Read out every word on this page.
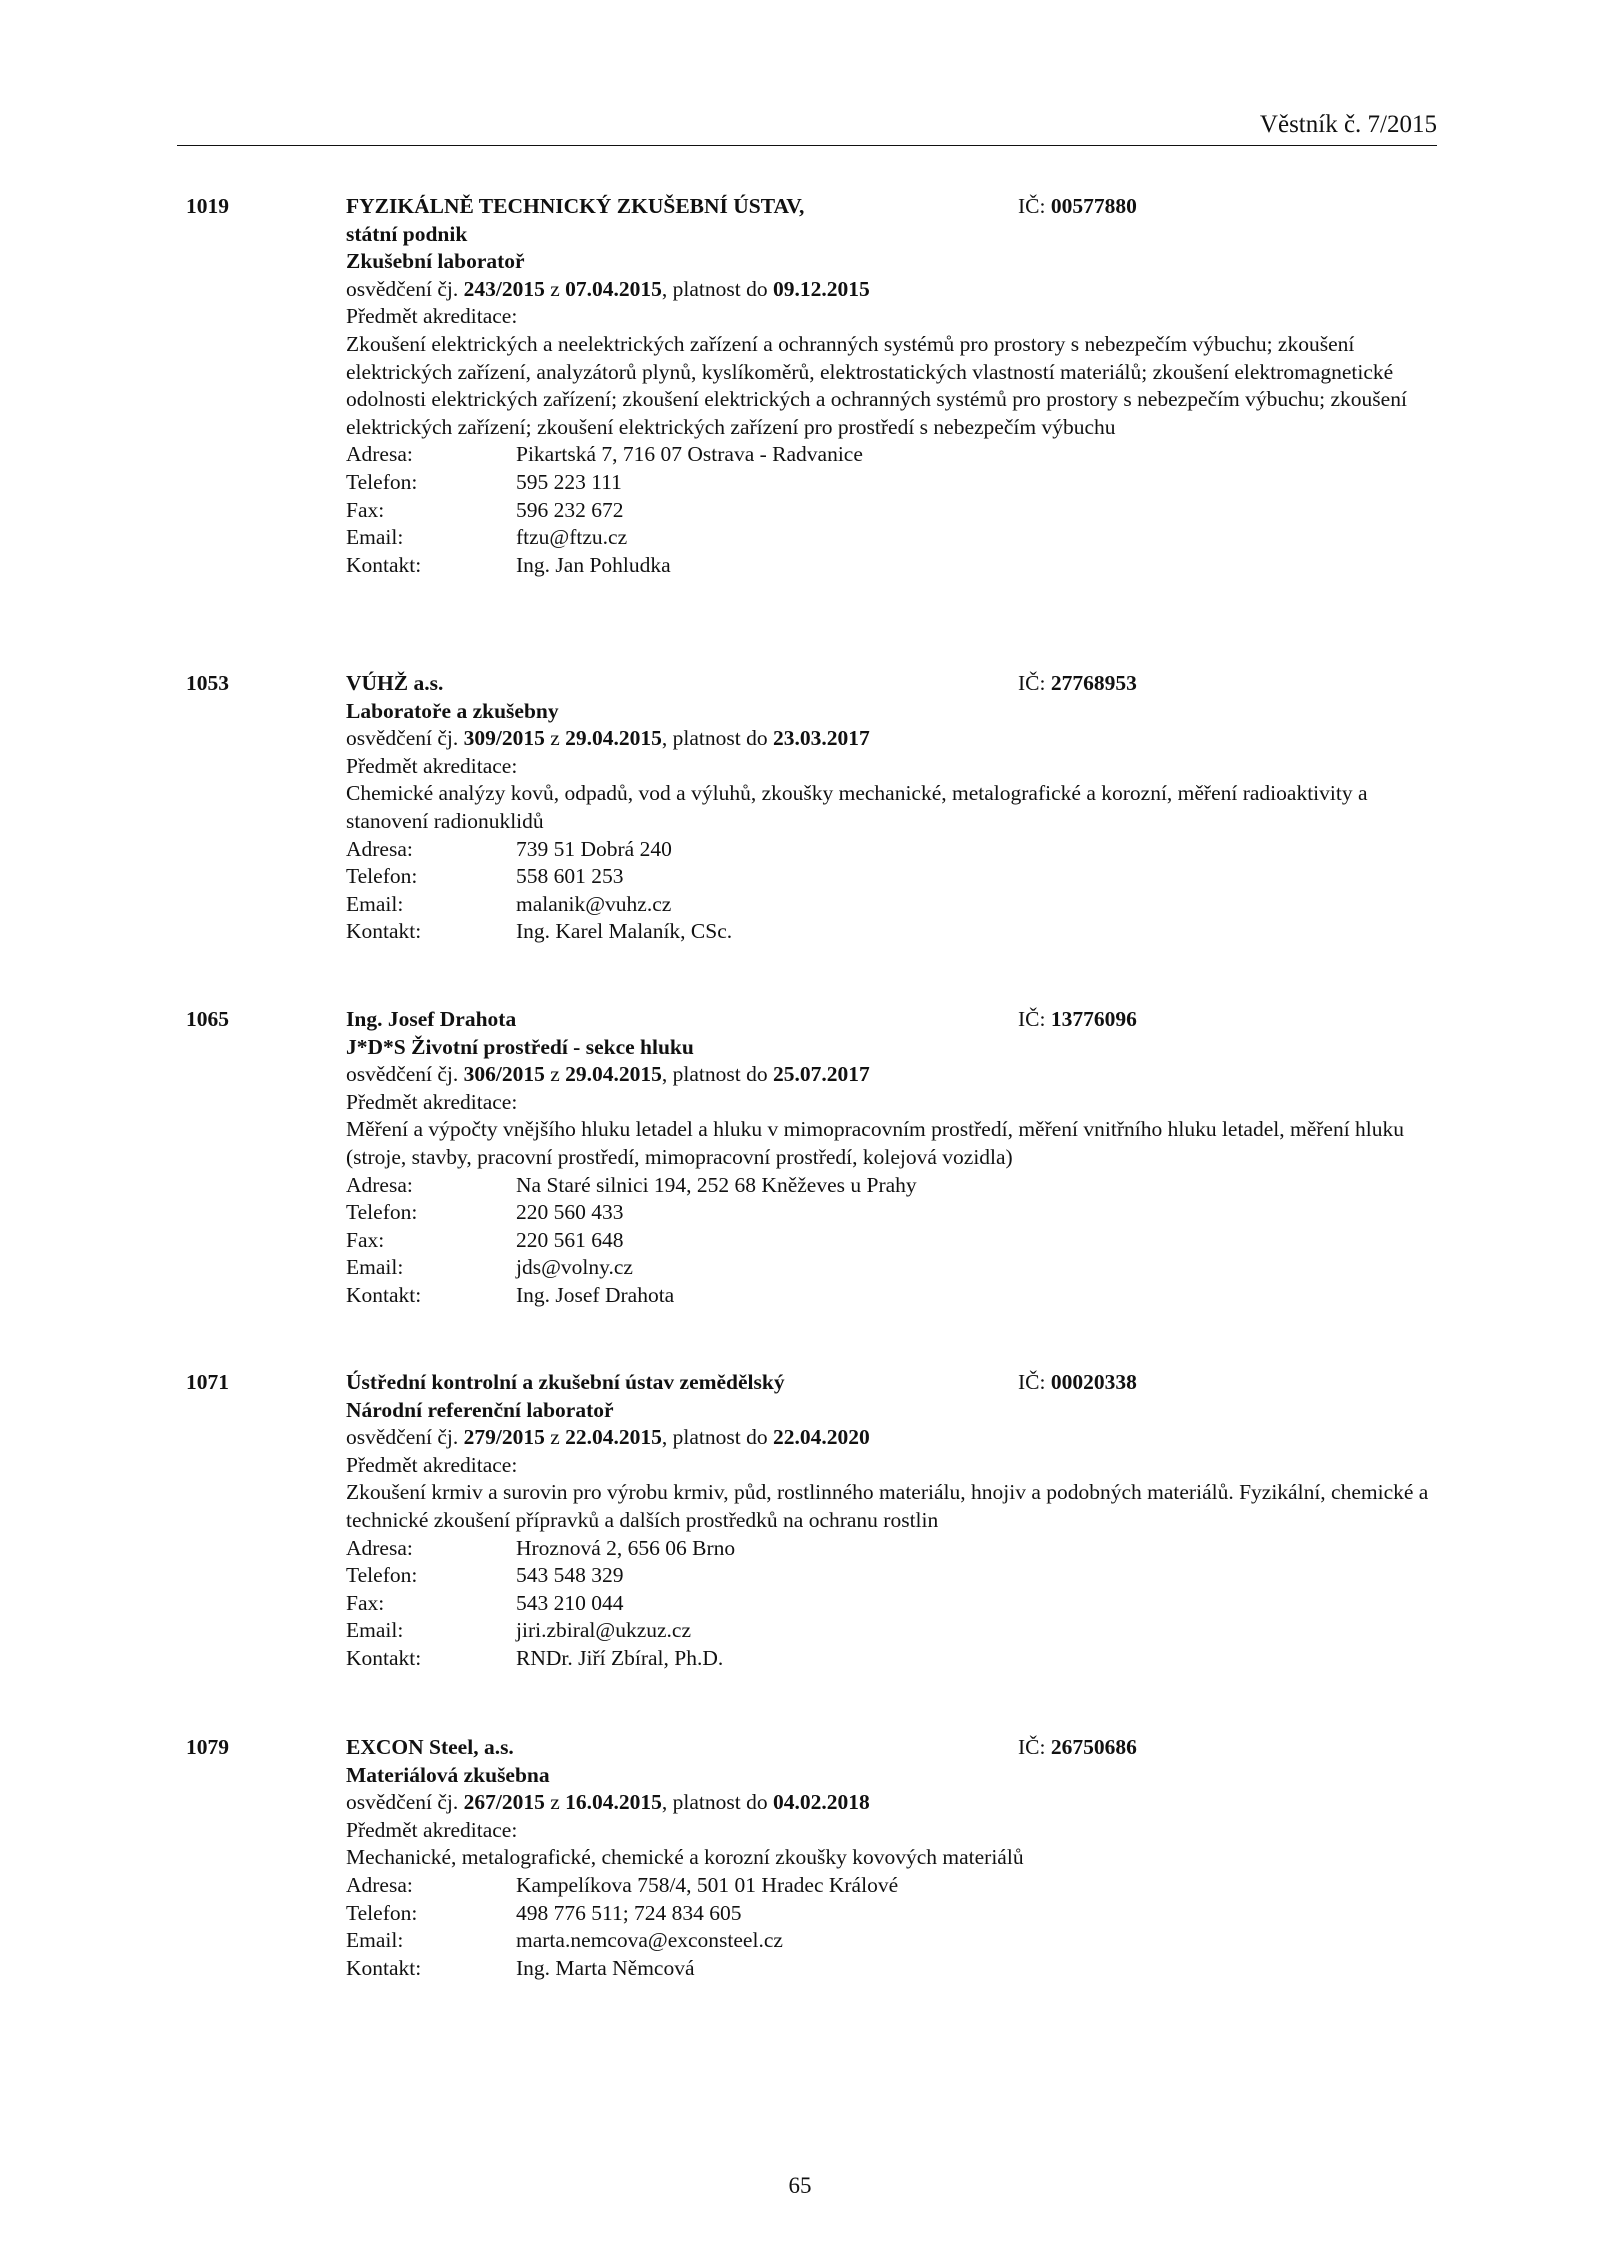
Věstník č. 7/2015
1019	FYZIKÁLNĚ TECHNICKÝ ZKUŠEBNÍ ÚSTAV,	IČ: 00577880
státní podnik
Zkušební laboratoř
osvědčení čj. 243/2015 z 07.04.2015, platnost do 09.12.2015
Předmět akreditace:
Zkoušení elektrických a neelektrických zařízení a ochranných systémů pro prostory s nebezpečím výbuchu; zkoušení elektrických zařízení, analyzátorů plynů, kyslíkoměrů, elektrostatických vlastností materiálů; zkoušení elektromagnetické odolnosti elektrických zařízení; zkoušení elektrických a ochranných systémů pro prostory s nebezpečím výbuchu; zkoušení elektrických zařízení; zkoušení elektrických zařízení pro prostředí s nebezpečím výbuchu
Adresa:	Pikartská 7, 716 07 Ostrava - Radvanice
Telefon:	595 223 111
Fax:	596 232 672
Email:	ftzu@ftzu.cz
Kontakt:	Ing. Jan Pohludka
1053	VÚHŽ a.s.	IČ: 27768953
Laboratoře a zkušebny
osvědčení čj. 309/2015 z 29.04.2015, platnost do 23.03.2017
Předmět akreditace:
Chemické analýzy kovů, odpadů, vod a výluhů, zkoušky mechanické, metalografické a korozní, měření radioaktivity a stanovení radionuklidů
Adresa:	739 51 Dobrá 240
Telefon:	558 601 253
Email:	malanik@vuhz.cz
Kontakt:	Ing. Karel Malaník, CSc.
1065	Ing. Josef Drahota	IČ: 13776096
J*D*S Životní prostředí - sekce hluku
osvědčení čj. 306/2015 z 29.04.2015, platnost do 25.07.2017
Předmět akreditace:
Měření a výpočty vnějšího hluku letadel a hluku v mimopracovním prostředí, měření vnitřního hluku letadel, měření hluku (stroje, stavby, pracovní prostředí, mimopracovní prostředí, kolejová vozidla)
Adresa:	Na Staré silnici 194, 252 68 Kněževes u Prahy
Telefon:	220 560 433
Fax:	220 561 648
Email:	jds@volny.cz
Kontakt:	Ing. Josef Drahota
1071	Ústřední kontrolní a zkušební ústav zemědělský	IČ: 00020338
Národní referenční laboratoř
osvědčení čj. 279/2015 z 22.04.2015, platnost do 22.04.2020
Předmět akreditace:
Zkoušení krmiv a surovin pro výrobu krmiv, půd, rostlinného materiálu, hnojiv a podobných materiálů. Fyzikální, chemické a technické zkoušení přípravků a dalších prostředků na ochranu rostlin
Adresa:	Hroznová 2, 656 06 Brno
Telefon:	543 548 329
Fax:	543 210 044
Email:	jiri.zbiral@ukzuz.cz
Kontakt:	RNDr. Jiří Zbíral, Ph.D.
1079	EXCON Steel, a.s.	IČ: 26750686
Materiálová zkušebna
osvědčení čj. 267/2015 z 16.04.2015, platnost do 04.02.2018
Předmět akreditace:
Mechanické, metalografické, chemické a korozní zkoušky kovových materiálů
Adresa:	Kampelíkova 758/4, 501 01 Hradec Králové
Telefon:	498 776 511; 724 834 605
Email:	marta.nemcova@exconsteel.cz
Kontakt:	Ing. Marta Němcová
65
